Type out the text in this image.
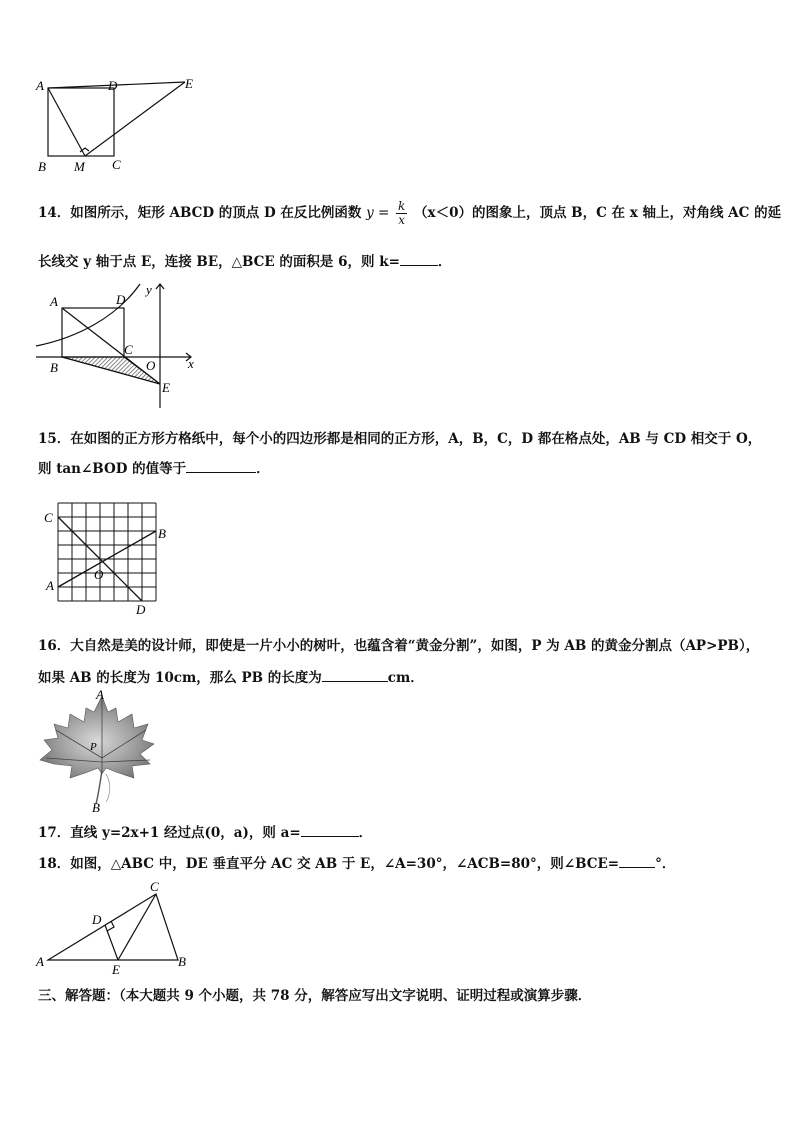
A	D	E
B M C
14．如图所示，矩形 ABCD 的顶点 D 在反比例函数 $y = \frac{k}{x} (x<0)$的图象上，顶点 B，C 在 x 轴上，对角线 AC 的延
长线交 y 轴于点 E，连接 BE，△BCE 的面积是 6，则 k=	．
A	D
y
C
x
B	O
E
15．在如图的正方形方格纸中，每个小的四边形都是相同的正方形，A，B，C，D 都在格点处，AB 与 CD 相交于 O，
则 tan∠BOD 的值等于	．
C
B
O
A
D
16．大自然是美的设计师，即使是一片小小的树叶，也蕴含着“黄金分割”，如图，P 为 AB 的黄金分割点（AP>PB），
如果 AB 的长度为 10cm，那么 PB 的长度为	cm．
A
P
B
17．直线 y=2x+1 经过点(0，a)，则 a=	．
18．如图，△ABC 中，DE 垂直平分 AC 交 AB 于 E，∠A=30°，∠ACB=80°，则∠BCE=	°．
C
D
A
E
B
三、解答题：（本大题共 9 个小题，共 78 分，解答应写出文字说明、证明过程或演算步骤．
